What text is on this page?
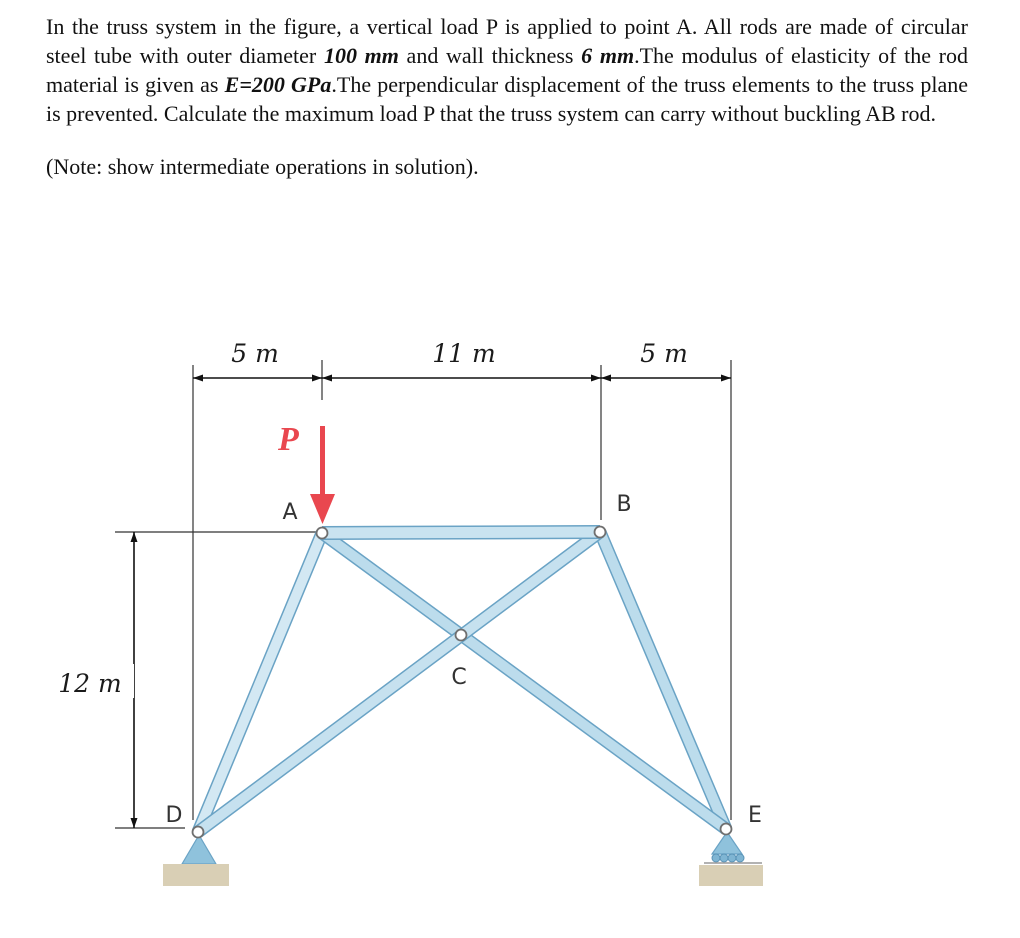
In the truss system in the figure, a vertical load P is applied to point A. All rods are made of circular steel tube with outer diameter 100 mm and wall thickness 6 mm.The modulus of elasticity of the rod material is given as E=200 GPa.The perpendicular displacement of the truss elements to the truss plane is prevented. Calculate the maximum load P that the truss system can carry without buckling AB rod.

(Note: show intermediate operations in solution).

5 m	11 m	5 m
12 m
P
A	B
C
D	E
